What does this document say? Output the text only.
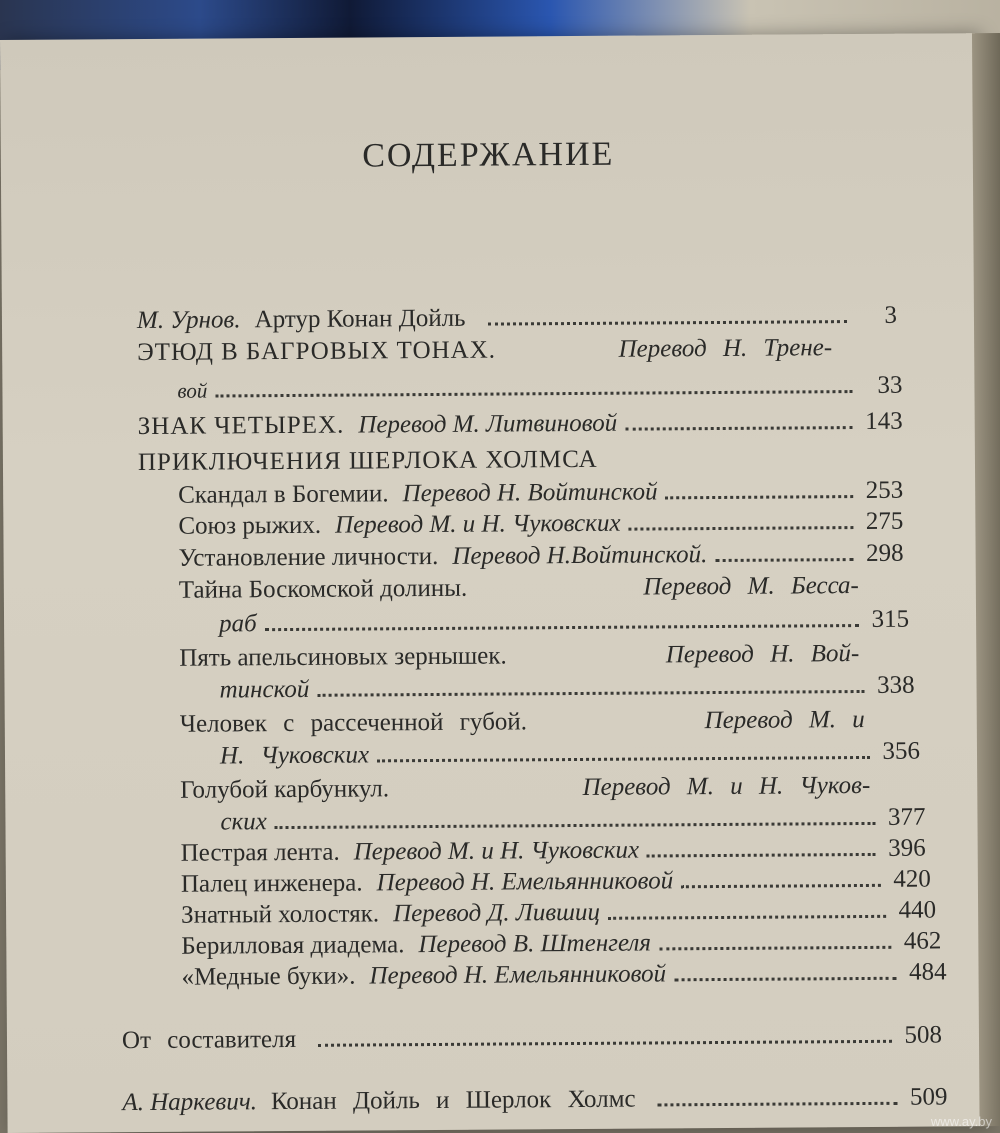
СОДЕРЖАНИЕ
М. Урнов. Артур Конан Дойль	3
ЭТЮД В БАГРОВЫХ ТОНАХ.	Перевод Н. Трене-
вой	33
ЗНАК ЧЕТЫРЕХ. Перевод М. Литвиновой	143
ПРИКЛЮЧЕНИЯ ШЕРЛОКА ХОЛМСА
Скандал в Богемии. Перевод Н. Войтинской	253
Союз рыжих. Перевод М. и Н. Чуковских	275
Установление личности. Перевод Н.Войтинской.	298
Тайна Боскомской долины.	Перевод М. Бесса-
раб	315
Пять апельсиновых зернышек.	Перевод Н. Вой-
тинской	338
Человек с рассеченной губой.	Перевод М. и
Н. Чуковских	356
Голубой карбункул.	Перевод М. и Н. Чуков-
ских	377
Пестрая лента. Перевод М. и Н. Чуковских	396
Палец инженера. Перевод Н. Емельянниковой	420
Знатный холостяк. Перевод Д. Лившиц	440
Берилловая диадема. Перевод В. Штенгеля	462
«Медные буки». Перевод Н. Емельянниковой	484
От составителя	508
А. Наркевич. Конан Дойль и Шерлок Холмс	509
www.ay.by
